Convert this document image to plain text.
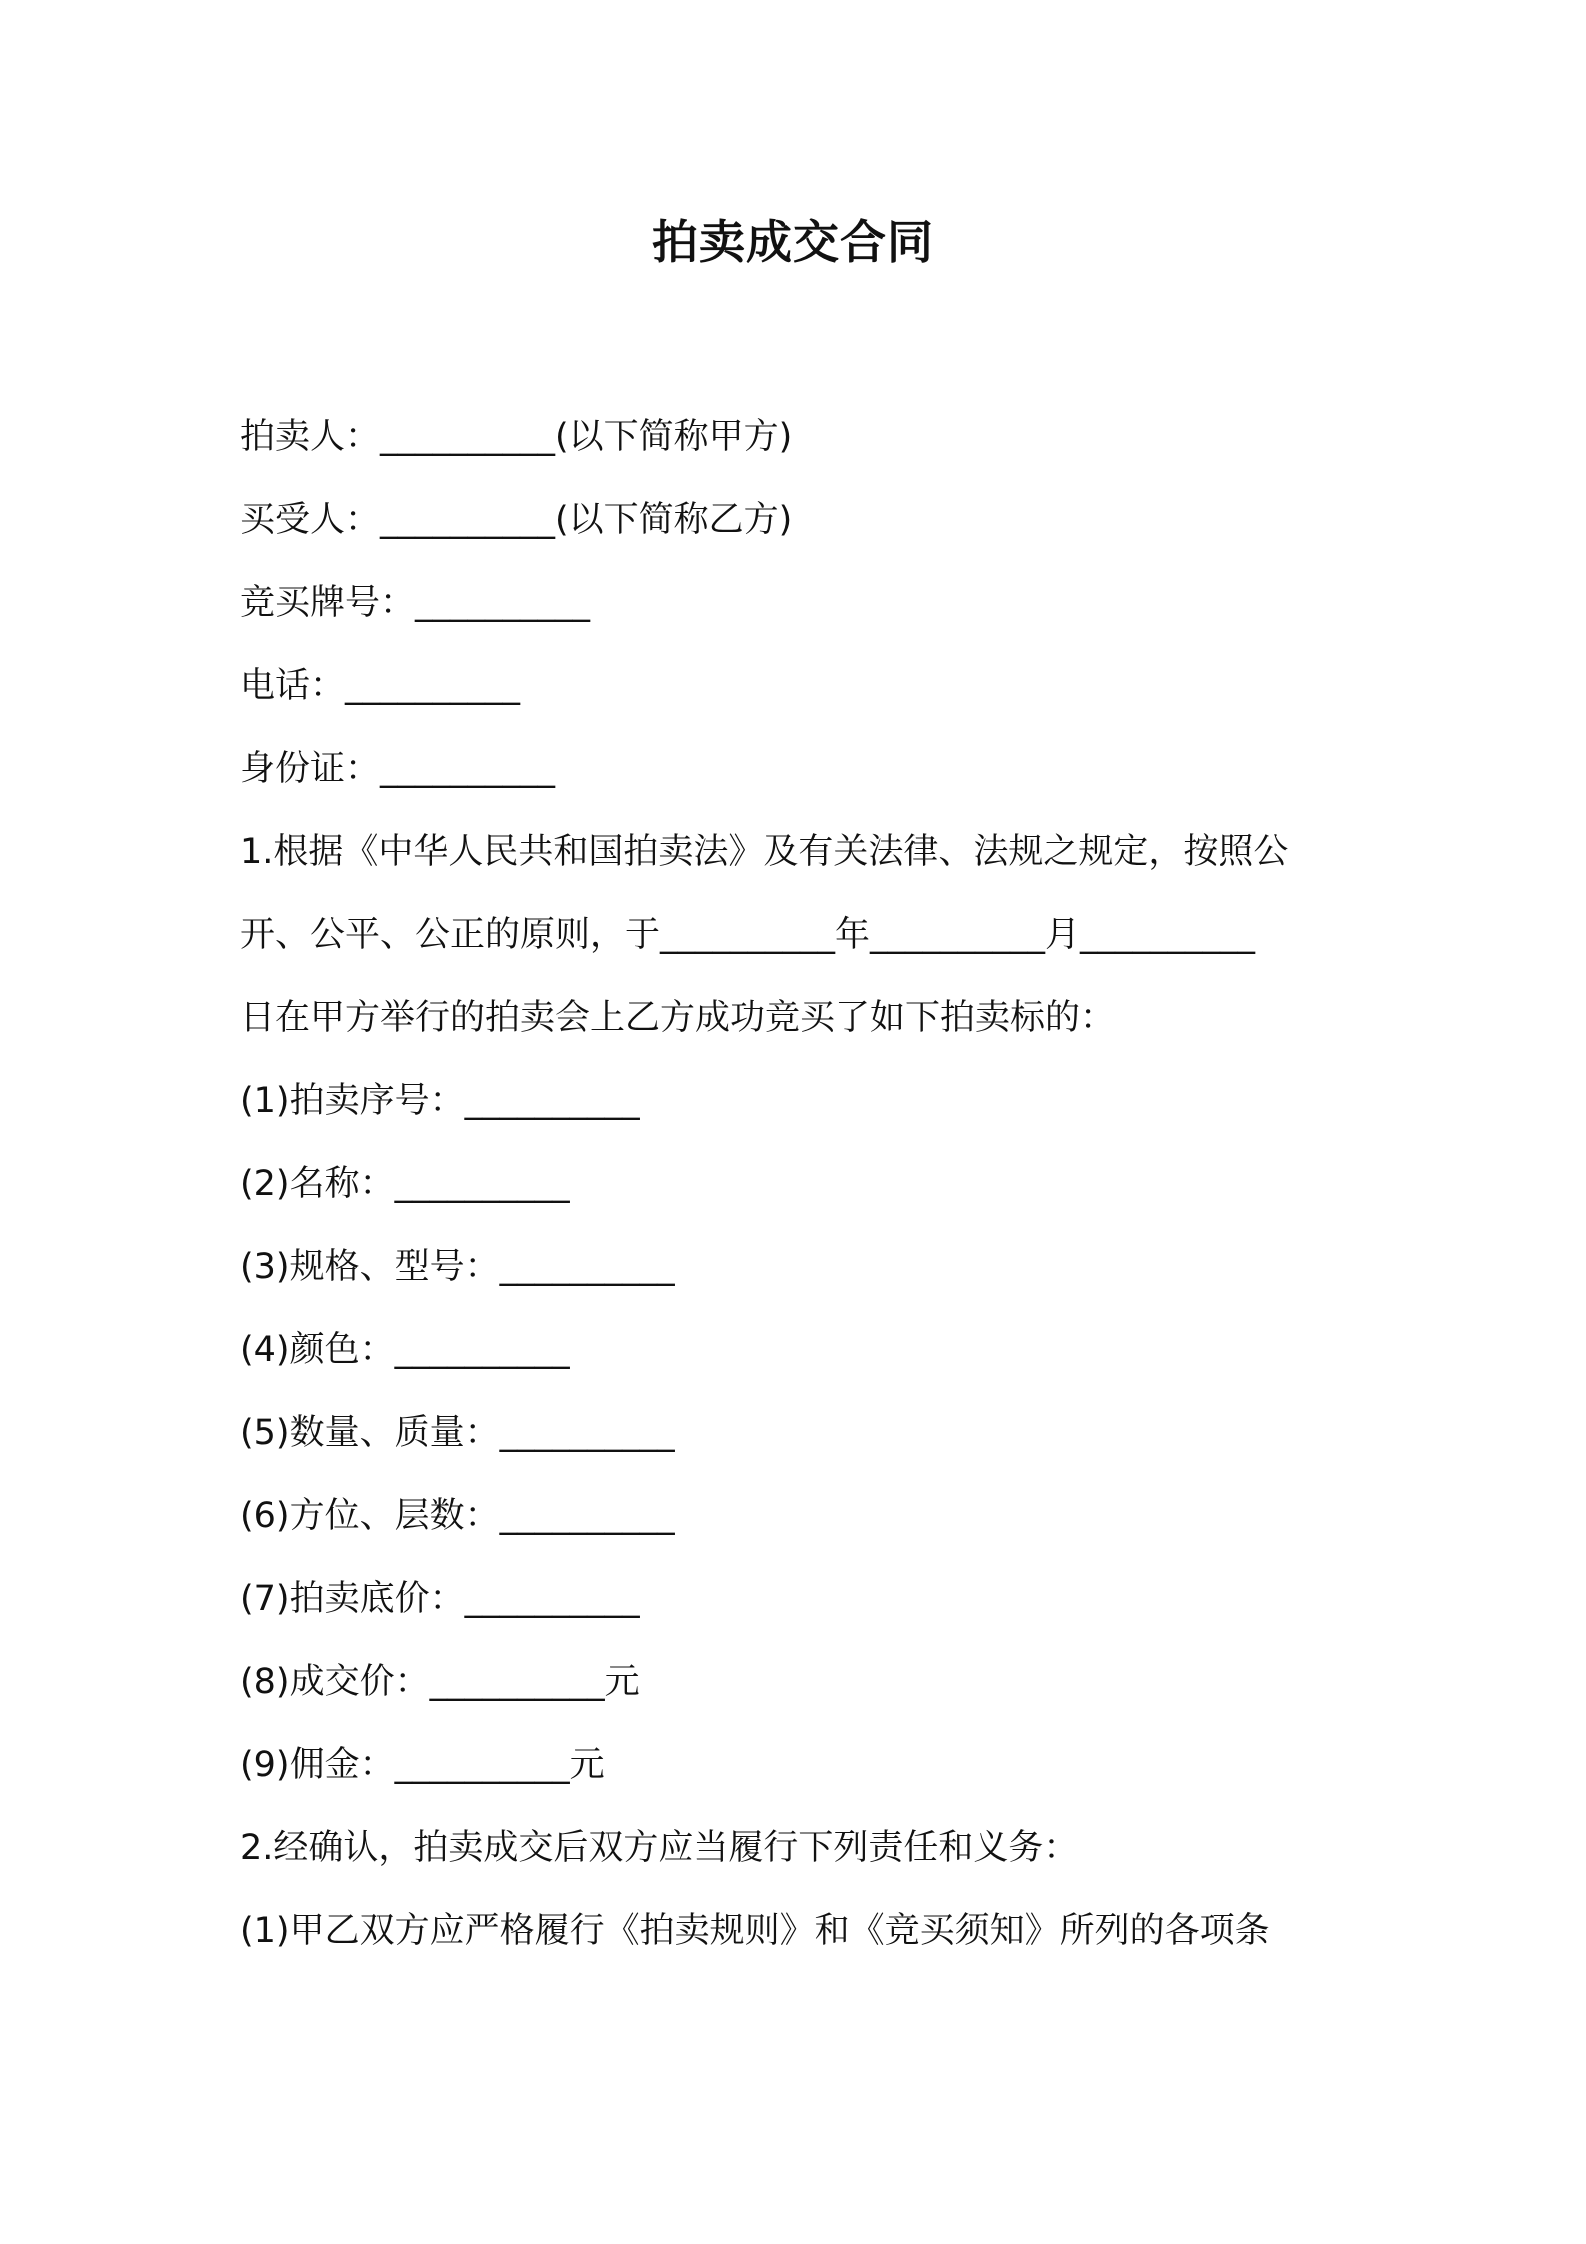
拍卖成交合同

拍卖人：__________(以下简称甲方)

买受人：__________(以下简称乙方)

竞买牌号：__________

电话：__________

身份证：__________

1.根据《中华人民共和国拍卖法》及有关法律、法规之规定，按照公

开、公平、公正的原则，于__________年__________月__________

日在甲方举行的拍卖会上乙方成功竞买了如下拍卖标的：

(1)拍卖序号：__________

(2)名称：__________

(3)规格、型号：__________

(4)颜色：__________

(5)数量、质量：__________

(6)方位、层数：__________

(7)拍卖底价：__________

(8)成交价：__________元

(9)佣金：__________元

2.经确认，拍卖成交后双方应当履行下列责任和义务：

(1)甲乙双方应严格履行《拍卖规则》和《竞买须知》所列的各项条
